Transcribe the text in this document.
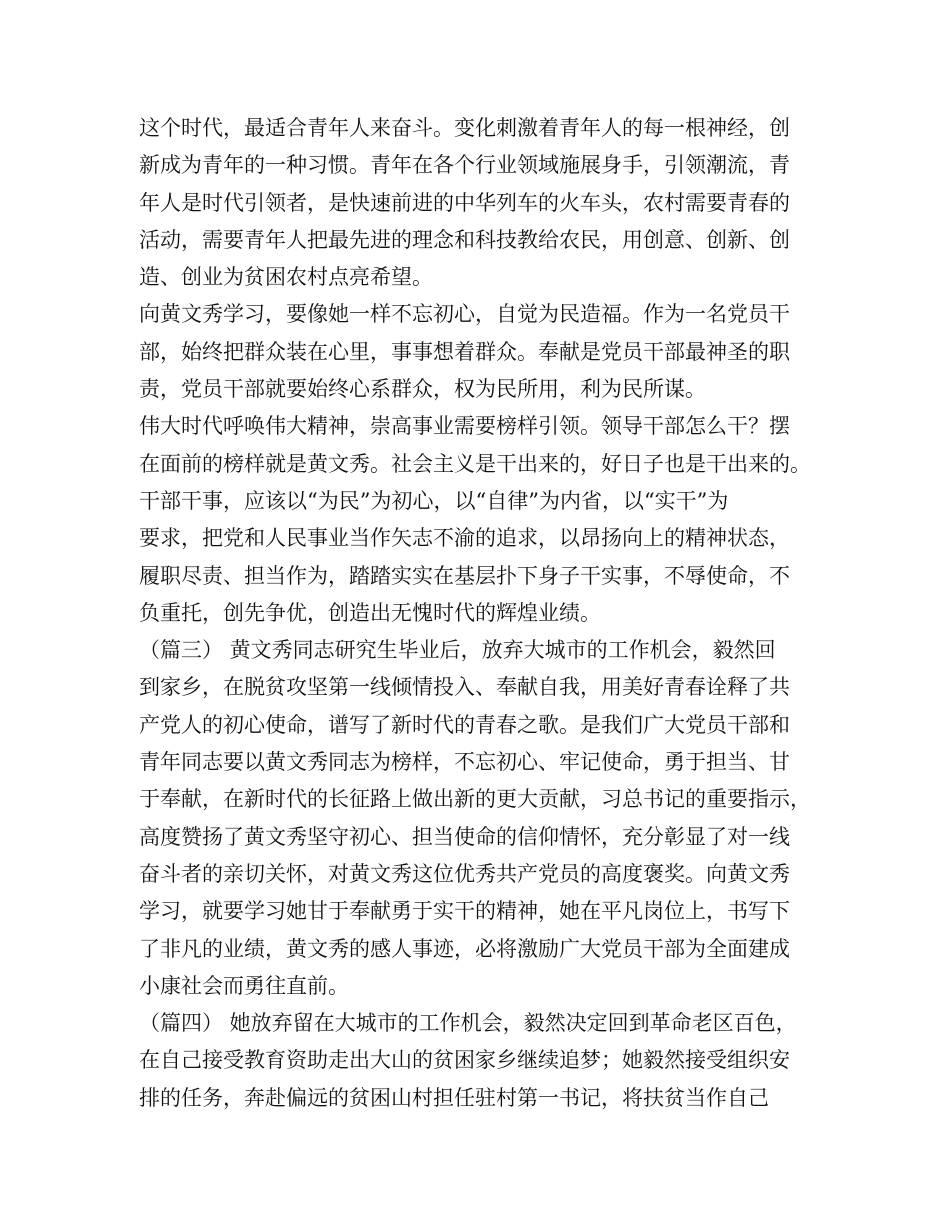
这个时代，最适合青年人来奋斗。变化刺激着青年人的每一根神经，创
新成为青年的一种习惯。青年在各个行业领域施展身手，引领潮流，青
年人是时代引领者，是快速前进的中华列车的火车头，农村需要青春的
活动，需要青年人把最先进的理念和科技教给农民，用创意、创新、创
造、创业为贫困农村点亮希望。
向黄文秀学习，要像她一样不忘初心，自觉为民造福。作为一名党员干
部，始终把群众装在心里，事事想着群众。奉献是党员干部最神圣的职
责，党员干部就要始终心系群众，权为民所用，利为民所谋。
伟大时代呼唤伟大精神，崇高事业需要榜样引领。领导干部怎么干？摆
在面前的榜样就是黄文秀。社会主义是干出来的，好日子也是干出来的。
干部干事，应该以“为民”为初心，以“自律”为内省，以“实干”为
要求，把党和人民事业当作矢志不渝的追求，以昂扬向上的精神状态，
履职尽责、担当作为，踏踏实实在基层扑下身子干实事，不辱使命，不
负重托，创先争优，创造出无愧时代的辉煌业绩。
（篇三） 黄文秀同志研究生毕业后，放弃大城市的工作机会，毅然回
到家乡，在脱贫攻坚第一线倾情投入、奉献自我，用美好青春诠释了共
产党人的初心使命，谱写了新时代的青春之歌。是我们广大党员干部和
青年同志要以黄文秀同志为榜样，不忘初心、牢记使命，勇于担当、甘
于奉献，在新时代的长征路上做出新的更大贡献，习总书记的重要指示，
高度赞扬了黄文秀坚守初心、担当使命的信仰情怀，充分彰显了对一线
奋斗者的亲切关怀，对黄文秀这位优秀共产党员的高度褒奖。向黄文秀
学习，就要学习她甘于奉献勇于实干的精神，她在平凡岗位上，书写下
了非凡的业绩，黄文秀的感人事迹，必将激励广大党员干部为全面建成
小康社会而勇往直前。
（篇四） 她放弃留在大城市的工作机会，毅然决定回到革命老区百色，
在自己接受教育资助走出大山的贫困家乡继续追梦；她毅然接受组织安
排的任务，奔赴偏远的贫困山村担任驻村第一书记，将扶贫当作自己
